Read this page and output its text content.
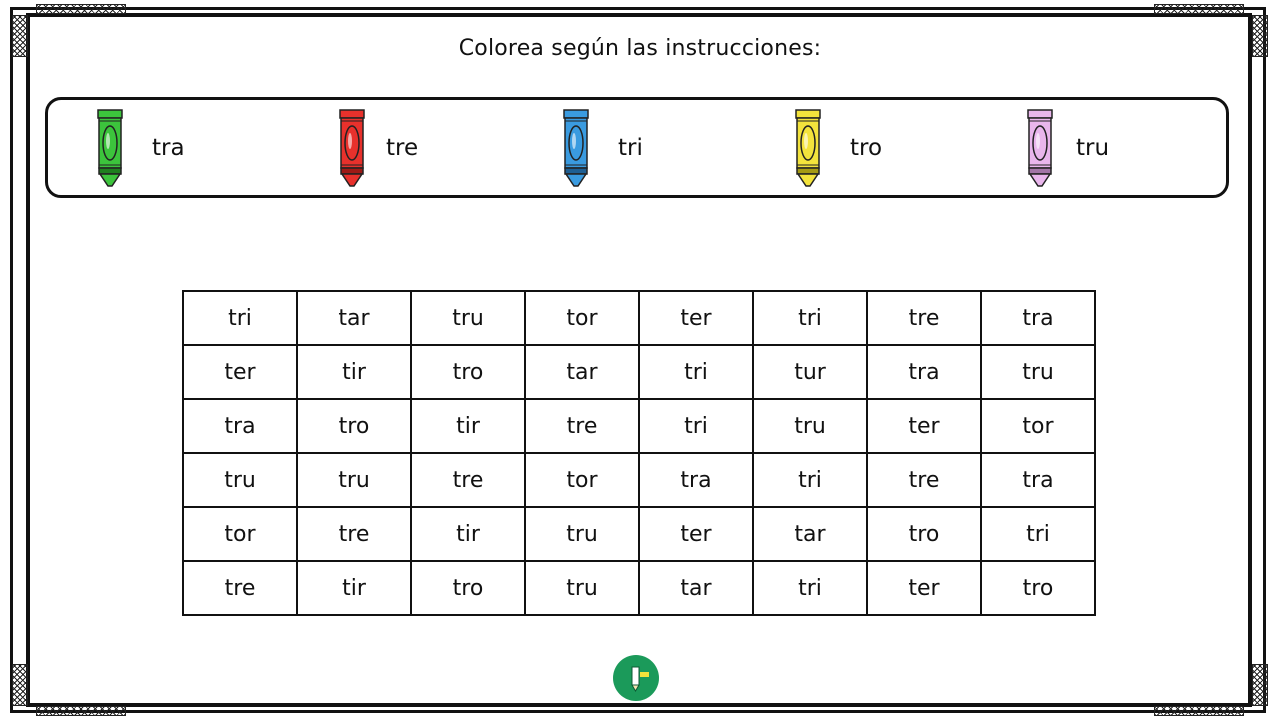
Colorea según las instrucciones:
tra	tre	tri	tro	tru
tri	tar	tru	tor	ter	tri	tre	tra
ter	tir	tro	tar	tri	tur	tra	tru
tra	tro	tir	tre	tri	tru	ter	tor
tru	tru	tre	tor	tra	tri	tre	tra
tor	tre	tir	tru	ter	tar	tro	tri
tre	tir	tro	tru	tar	tri	ter	tro
